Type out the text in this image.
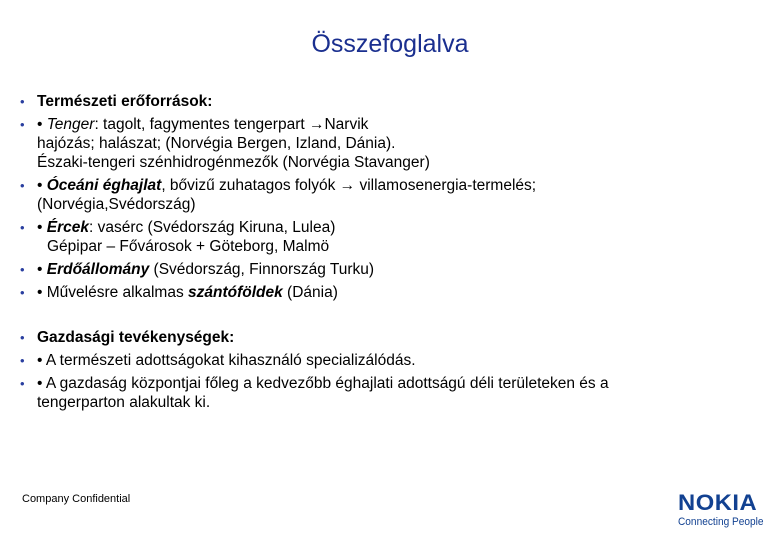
Összefoglalva
• Természeti erőforrások:
• • Tenger: tagolt, fagymentes tengerpart →Narvik
hajózás; halászat; (Norvégia Bergen, Izland, Dánia).
Északi-tengeri szénhidrogénmezők (Norvégia Stavanger)
• • Óceáni éghajlat, bővizű zuhatagos folyók → villamosenergia-termelés;
(Norvégia,Svédország)
• • Ércek: vasérc (Svédország Kiruna, Lulea)
Gépipar – Fővárosok + Göteborg, Malmö
• • Erdőállomány (Svédország, Finnország Turku)
• • Művelésre alkalmas szántóföldek (Dánia)
• Gazdasági tevékenységek:
• • A természeti adottságokat kihasználó specializálódás.
• • A gazdaság központjai főleg a kedvezőbb éghajlati adottságú déli területeken és a
tengerparton alakultak ki.
Company Confidential	NOKIA
Connecting People
